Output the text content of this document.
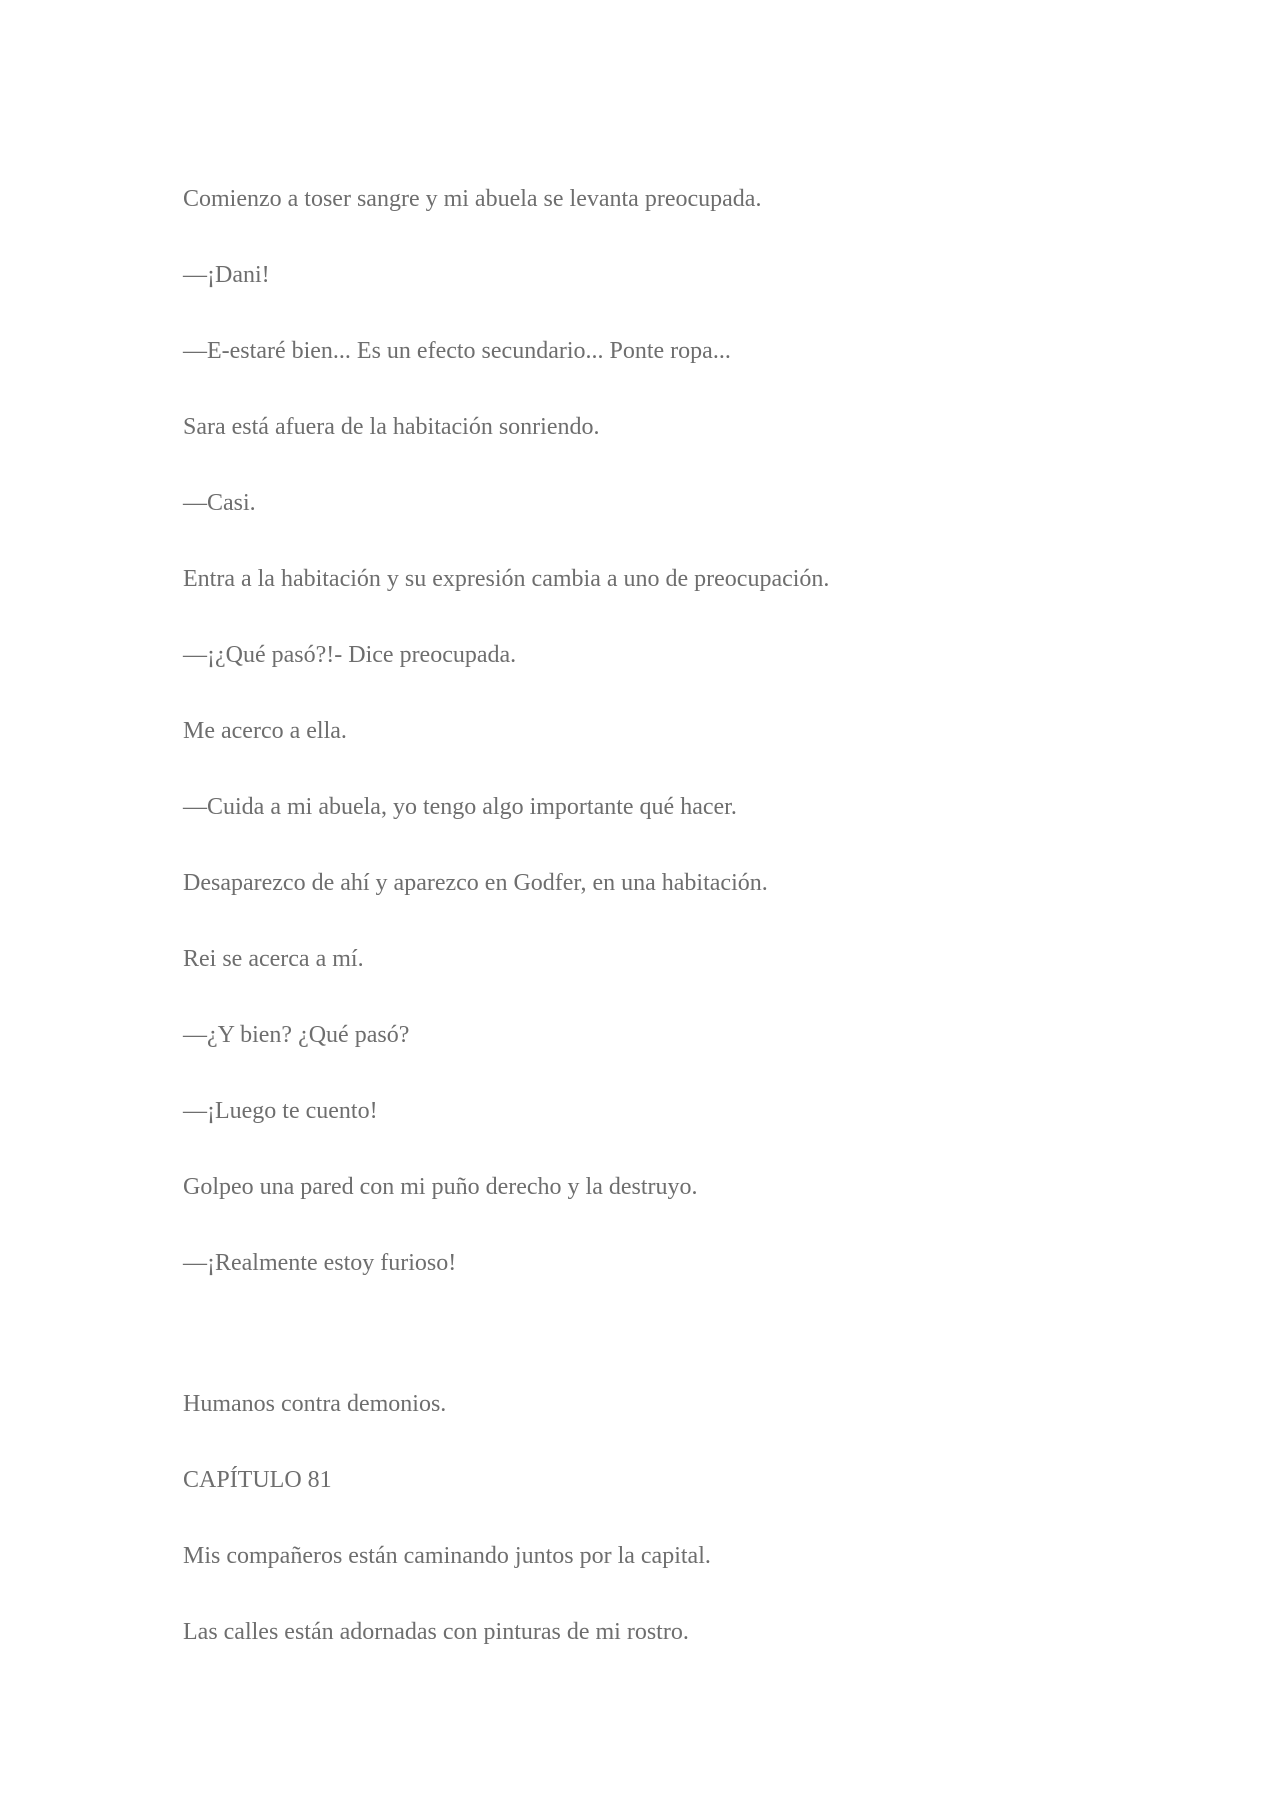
Comienzo a toser sangre y mi abuela se levanta preocupada.

—¡Dani!

—E-estaré bien... Es un efecto secundario... Ponte ropa...

Sara está afuera de la habitación sonriendo.

—Casi.

Entra a la habitación y su expresión cambia a uno de preocupación.

—¡¿Qué pasó?!- Dice preocupada.

Me acerco a ella.

—Cuida a mi abuela, yo tengo algo importante qué hacer.

Desaparezco de ahí y aparezco en Godfer, en una habitación.

Rei se acerca a mí.

—¿Y bien? ¿Qué pasó?

—¡Luego te cuento!

Golpeo una pared con mi puño derecho y la destruyo.

—¡Realmente estoy furioso!

Humanos contra demonios.

CAPÍTULO 81

Mis compañeros están caminando juntos por la capital.

Las calles están adornadas con pinturas de mi rostro.
